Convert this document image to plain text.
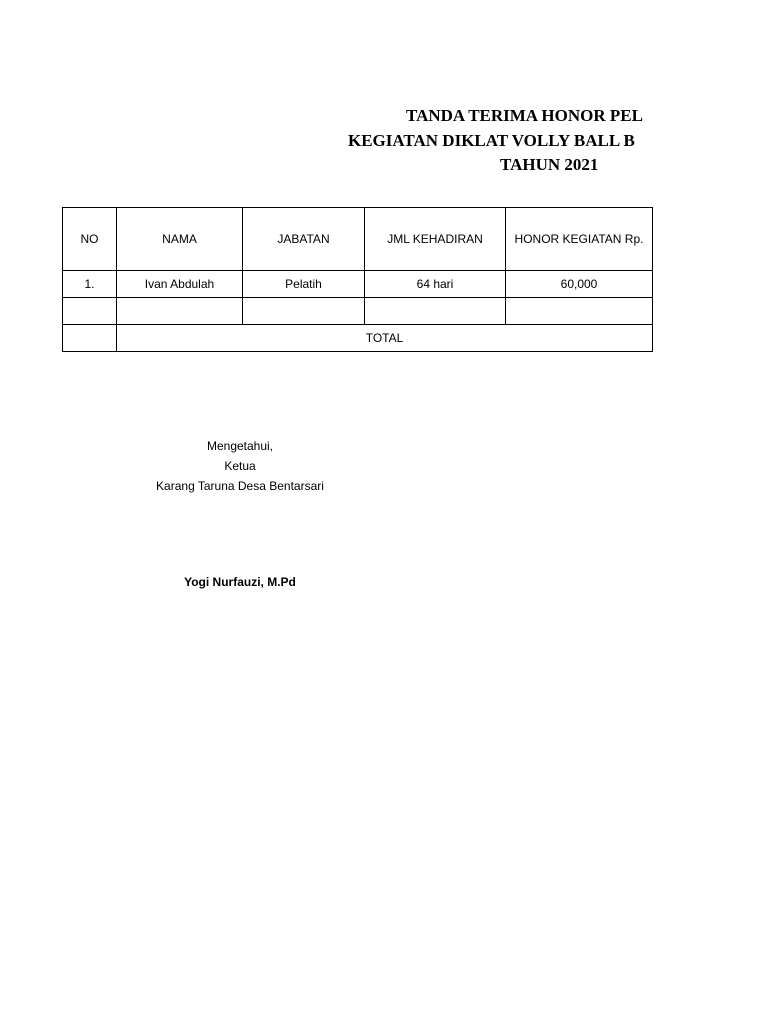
TANDA TERIMA HONOR PEL
KEGIATAN DIKLAT VOLLY BALL B
TAHUN 2021
NO	NAMA	JABATAN	JML KEHADIRAN	HONOR KEGIATAN Rp.
1.	Ivan Abdulah	Pelatih	64 hari	60,000

	TOTAL			
Mengetahui,
Ketua
Karang Taruna Desa Bentarsari
Yogi Nurfauzi, M.Pd
